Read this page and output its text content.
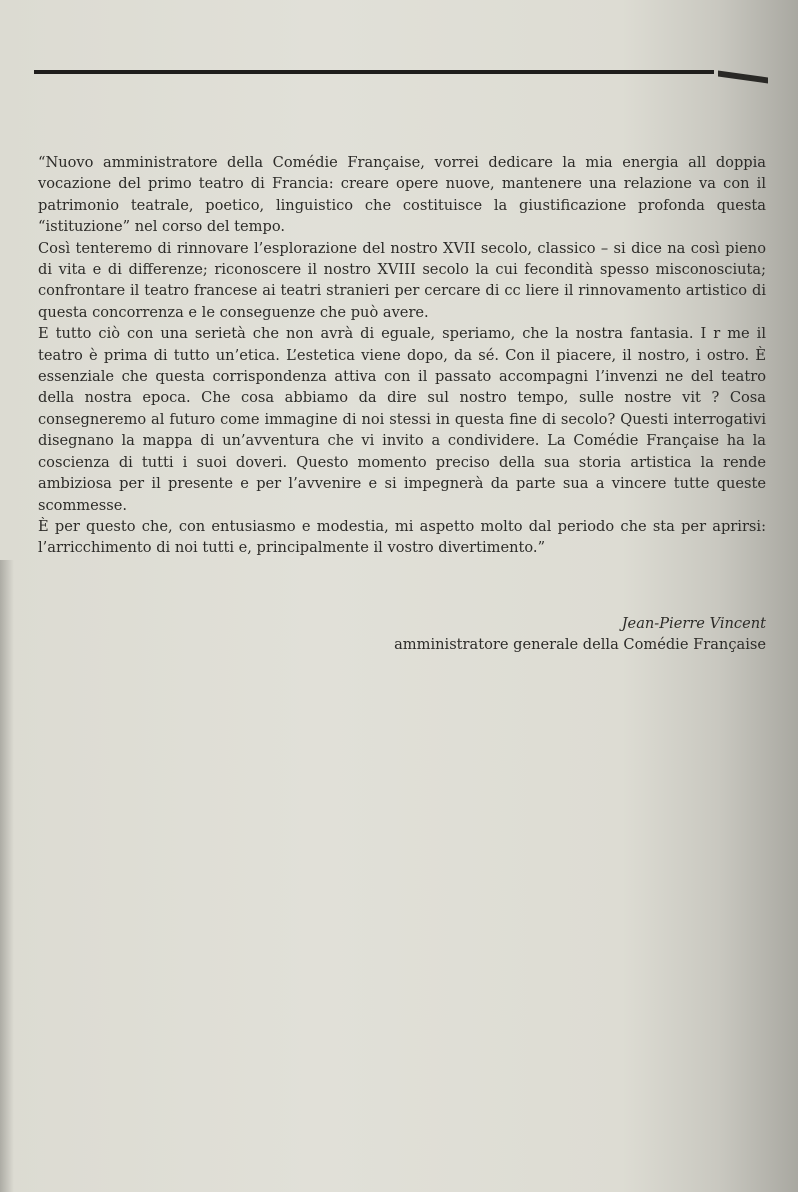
“Nuovo amministratore della Comédie Française, vorrei dedicare la mia energia all doppia vocazione del primo teatro di Francia: creare opere nuove, mantenere una relazione va con il patrimonio teatrale, poetico, linguistico che costituisce la giustificazione profonda questa “istituzione” nel corso del tempo.

Così tenteremo di rinnovare l’esplorazione del nostro XVII secolo, classico – si dice na così pieno di vita e di differenze; riconoscere il nostro XVIII secolo la cui fecondità spesso misconosciuta; confrontare il teatro francese ai teatri stranieri per cercare di cc liere il rinnovamento artistico di questa concorrenza e le conseguenze che può avere.

E tutto ciò con una serietà che non avrà di eguale, speriamo, che la nostra fantasia. I r me il teatro è prima di tutto un’etica. L’estetica viene dopo, da sé. Con il piacere, il nostro, i ostro. È essenziale che questa corrispondenza attiva con il passato accompagni l’invenzi ne del teatro della nostra epoca. Che cosa abbiamo da dire sul nostro tempo, sulle nostre vit ? Cosa consegneremo al futuro come immagine di noi stessi in questa fine di secolo? Questi interrogativi disegnano la mappa di un’avventura che vi invito a condividere. La Comédie Française ha la coscienza di tutti i suoi doveri. Questo momento preciso della sua storia artistica la rende ambiziosa per il presente e per l’avvenire e si impegnerà da parte sua a vincere tutte queste scommesse.

È per questo che, con entusiasmo e modestia, mi aspetto molto dal periodo che sta per aprirsi: l’arricchimento di noi tutti e, principalmente il vostro divertimento.”

Jean-Pierre Vincent
amministratore generale della Comédie Française
